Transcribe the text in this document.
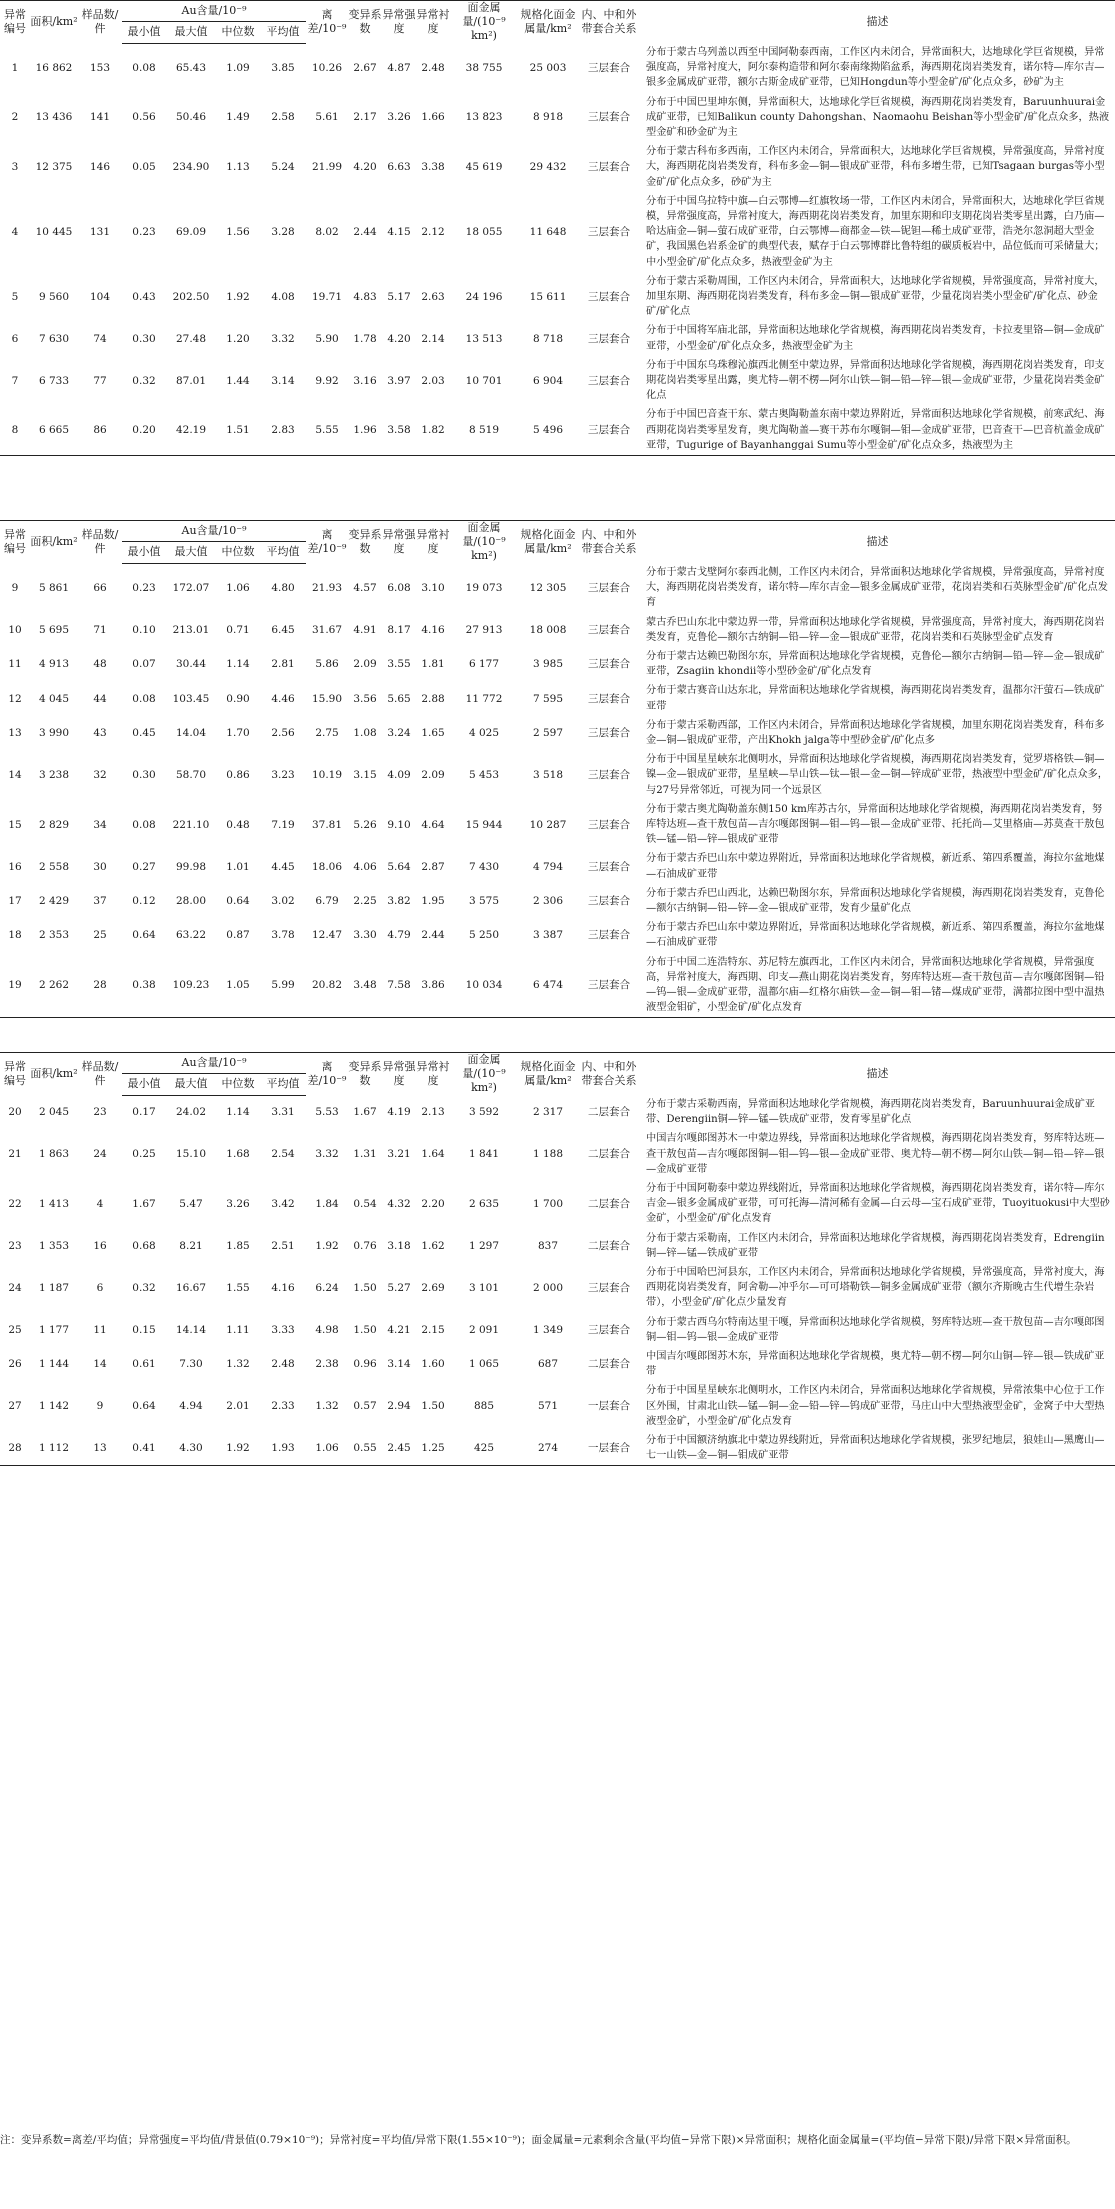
异常编号	面积/km²	样品数/件	Au含量/10⁻⁹				离差/10⁻⁹	变异系数	异常强度	异常衬度	面金属量/(10⁻⁹ km²)	规格化面金属量/km²	内、中和外带套合关系	描述
			最小值	最大值	中位数	平均值								
1	16 862	153	0.08	65.43	1.09	3.85	10.26	2.67	4.87	2.48	38 755	25 003	三层套合	分布于蒙古乌列盖以西至中国阿勒泰西南，工作区内未闭合，异常面积大，达地球化学巨省规模，异常强度高，异常衬度大，阿尔泰构造带和阿尔泰南缘拗陷盆系，海西期花岗岩类发育，诺尔特—库尔吉—银多金属成矿亚带，额尔古斯金成矿亚带，已知Hongdun等小型金矿/矿化点众多，砂矿为主
2	13 436	141	0.56	50.46	1.49	2.58	5.61	2.17	3.26	1.66	13 823	8 918	三层套合	分布于中国巴里坤东侧，异常面积大，达地球化学巨省规模，海西期花岗岩类发育，Baruunhuurai金成矿亚带，已知Balikun county Dahongshan、Naomaohu Beishan等小型金矿/矿化点众多，热液型金矿和砂金矿为主
3	12 375	146	0.05	234.90	1.13	5.24	21.99	4.20	6.63	3.38	45 619	29 432	三层套合	分布于蒙古科布多西南，工作区内未闭合，异常面积大，达地球化学巨省规模，异常强度高，异常衬度大，海西期花岗岩类发育，科布多金—铜—银成矿亚带，科布多增生带，已知Tsagaan burgas等小型金矿/矿化点众多，砂矿为主
4	10 445	131	0.23	69.09	1.56	3.28	8.02	2.44	4.15	2.12	18 055	11 648	三层套合	分布于中国乌拉特中旗—白云鄂博—红旗牧场一带，工作区内未闭合，异常面积大，达地球化学巨省规模，异常强度高，异常衬度大，海西期花岗岩类发育，加里东期和印支期花岗岩类零星出露，白乃庙—哈达庙金—铜—萤石成矿亚带，白云鄂博—商都金—铁—铌钽—稀土成矿亚带，浩尧尔忽洞超大型金矿，我国黑色岩系金矿的典型代表，赋存于白云鄂博群比鲁特组的碳质板岩中，品位低而可采储量大；中小型金矿/矿化点众多，热液型金矿为主
5	9 560	104	0.43	202.50	1.92	4.08	19.71	4.83	5.17	2.63	24 196	15 611	三层套合	分布于蒙古采勒周围，工作区内未闭合，异常面积大，达地球化学省规模，异常强度高，异常衬度大，加里东期、海西期花岗岩类发育，科布多金—铜—银成矿亚带，少量花岗岩类小型金矿/矿化点、砂金矿/矿化点
6	7 630	74	0.30	27.48	1.20	3.32	5.90	1.78	4.20	2.14	13 513	8 718	三层套合	分布于中国将军庙北部，异常面积达地球化学省规模，海西期花岗岩类发育，卡拉麦里铬—铜—金成矿亚带，小型金矿/矿化点众多，热液型金矿为主
7	6 733	77	0.32	87.01	1.44	3.14	9.92	3.16	3.97	2.03	10 701	6 904	三层套合	分布于中国东乌珠穆沁旗西北侧至中蒙边界，异常面积达地球化学省规模，海西期花岗岩类发育，印支期花岗岩类零星出露，奥尤特—朝不楞—阿尔山铁—铜—铅—锌—银—金成矿亚带，少量花岗岩类金矿化点
8	6 665	86	0.20	42.19	1.51	2.83	5.55	1.96	3.58	1.82	8 519	5 496	三层套合	分布于中国巴音查干东、蒙古奥陶勒盖东南中蒙边界附近，异常面积达地球化学省规模，前寒武纪、海西期花岗岩类零星发育，奥尤陶勒盖—赛干苏布尔嘎铜—钼—金成矿亚带，巴音查干—巴音杭盖金成矿亚带，Tugurige of Bayanhanggai Sumu等小型金矿/矿化点众多，热液型为主
异常编号	面积/km²	样品数/件	Au含量/10⁻⁹				离差/10⁻⁹	变异系数	异常强度	异常衬度	面金属量/(10⁻⁹ km²)	规格化面金属量/km²	内、中和外带套合关系	描述
			最小值	最大值	中位数	平均值								
9	5 861	66	0.23	172.07	1.06	4.80	21.93	4.57	6.08	3.10	19 073	12 305	三层套合	分布于蒙古戈壁阿尔泰西北侧，工作区内未闭合，异常面积达地球化学省规模，异常强度高，异常衬度大，海西期花岗岩类发育，诺尔特—库尔吉金—银多金属成矿亚带，花岗岩类和石英脉型金矿/矿化点发育
10	5 695	71	0.10	213.01	0.71	6.45	31.67	4.91	8.17	4.16	27 913	18 008	三层套合	蒙古乔巴山东北中蒙边界一带，异常面积达地球化学省规模，异常强度高，异常衬度大，海西期花岗岩类发育，克鲁伦—额尔古纳铜—铅—锌—金—银成矿亚带，花岗岩类和石英脉型金矿点发育
11	4 913	48	0.07	30.44	1.14	2.81	5.86	2.09	3.55	1.81	6 177	3 985	三层套合	分布于蒙古达赖巴勒图尔东，异常面积达地球化学省规模，克鲁伦—额尔古纳铜—铅—锌—金—银成矿亚带，Zsagiin khondii等小型砂金矿/矿化点发育
12	4 045	44	0.08	103.45	0.90	4.46	15.90	3.56	5.65	2.88	11 772	7 595	三层套合	分布于蒙古赛音山达东北，异常面积达地球化学省规模，海西期花岗岩类发育，温都尔汗萤石—铁成矿亚带
13	3 990	43	0.45	14.04	1.70	2.56	2.75	1.08	3.24	1.65	4 025	2 597	三层套合	分布于蒙古采勒西部，工作区内未闭合，异常面积达地球化学省规模，加里东期花岗岩类发育，科布多金—铜—银成矿亚带，产出Khokh jalga等中型砂金矿/矿化点多
14	3 238	32	0.30	58.70	0.86	3.23	10.19	3.15	4.09	2.09	5 453	3 518	三层套合	分布于中国星星峡东北侧明水，异常面积达地球化学省规模，海西期花岗岩类发育，觉罗塔格铁—铜—镍—金—银成矿亚带，星星峡—旱山铁—钛—银—金—铜—锌成矿亚带，热液型中型金矿/矿化点众多，与27号异常邻近，可视为同一个远景区
15	2 829	34	0.08	221.10	0.48	7.19	37.81	5.26	9.10	4.64	15 944	10 287	三层套合	分布于蒙古奥尤陶勒盖东侧150 km库苏古尔，异常面积达地球化学省规模，海西期花岗岩类发育，努库特达班—查干敖包苗—吉尔嘎郎图铜—钼—钨—银—金成矿亚带、托托尚—艾里格庙—苏莫查干敖包铁—锰—铅—锌—银成矿亚带
16	2 558	30	0.27	99.98	1.01	4.45	18.06	4.06	5.64	2.87	7 430	4 794	三层套合	分布于蒙古乔巴山东中蒙边界附近，异常面积达地球化学省规模，新近系、第四系覆盖，海拉尔盆地煤—石油成矿亚带
17	2 429	37	0.12	28.00	0.64	3.02	6.79	2.25	3.82	1.95	3 575	2 306	三层套合	分布于蒙古乔巴山西北，达赖巴勒图尔东，异常面积达地球化学省规模，海西期花岗岩类发育，克鲁伦—额尔古纳铜—铅—锌—金—银成矿亚带，发育少量矿化点
18	2 353	25	0.64	63.22	0.87	3.78	12.47	3.30	4.79	2.44	5 250	3 387	三层套合	分布于蒙古乔巴山东中蒙边界附近，异常面积达地球化学省规模，新近系、第四系覆盖，海拉尔盆地煤—石油成矿亚带
19	2 262	28	0.38	109.23	1.05	5.99	20.82	3.48	7.58	3.86	10 034	6 474	三层套合	分布于中国二连浩特东、苏尼特左旗西北，工作区内未闭合，异常面积达地球化学省规模，异常强度高，异常衬度大，海西期、印支—燕山期花岗岩类发育，努库特达班—查干敖包苗—吉尔嘎郎图铜—铅—钨—银—金成矿亚带，温都尔庙—红格尔庙铁—金—铜—钼—锗—煤成矿亚带，满都拉图中型中温热液型金钼矿，小型金矿/矿化点发育
异常编号	面积/km²	样品数/件	Au含量/10⁻⁹				离差/10⁻⁹	变异系数	异常强度	异常衬度	面金属量/(10⁻⁹ km²)	规格化面金属量/km²	内、中和外带套合关系	描述
			最小值	最大值	中位数	平均值								
20	2 045	23	0.17	24.02	1.14	3.31	5.53	1.67	4.19	2.13	3 592	2 317	二层套合	分布于蒙古采勒西南，异常面积达地球化学省规模，海西期花岗岩类发育，Baruunhuurai金成矿亚带、Derengiin铜—锌—锰—铁成矿亚带，发育零星矿化点
21	1 863	24	0.25	15.10	1.68	2.54	3.32	1.31	3.21	1.64	1 841	1 188	二层套合	中国吉尔嘎郎图苏木一中蒙边界线，异常面积达地球化学省规模，海西期花岗岩类发育，努库特达班—查干敖包苗—吉尔嘎郎图铜—钼—钨—银—金成矿亚带、奥尤特—朝不楞—阿尔山铁—铜—铅—锌—银—金成矿亚带
22	1 413	4	1.67	5.47	3.26	3.42	1.84	0.54	4.32	2.20	2 635	1 700	二层套合	分布于中国阿勒泰中蒙边界线附近，异常面积达地球化学省规模，海西期花岗岩类发育，诺尔特—库尔吉金—银多金属成矿亚带，可可托海—清河稀有金属—白云母—宝石成矿亚带，Tuoyituokusi中大型砂金矿，小型金矿/矿化点发育
23	1 353	16	0.68	8.21	1.85	2.51	1.92	0.76	3.18	1.62	1 297	837	二层套合	分布于蒙古采勒南，工作区内未闭合，异常面积达地球化学省规模，海西期花岗岩类发育，Edrengiin铜—锌—锰—铁成矿亚带
24	1 187	6	0.32	16.67	1.55	4.16	6.24	1.50	5.27	2.69	3 101	2 000	三层套合	分布于中国哈巴河县东，工作区内未闭合，异常面积达地球化学省规模，异常强度高，异常衬度大，海西期花岗岩类发育，阿舍勒—冲乎尔—可可塔勒铁—铜多金属成矿亚带（额尔齐斯晚古生代增生杂岩带），小型金矿/矿化点少量发育
25	1 177	11	0.15	14.14	1.11	3.33	4.98	1.50	4.21	2.15	2 091	1 349	三层套合	分布于蒙古西乌尔特南达里干嘎，异常面积达地球化学省规模，努库特达班—查干敖包苗—吉尔嘎郎图铜—钼—钨—银—金成矿亚带
26	1 144	14	0.61	7.30	1.32	2.48	2.38	0.96	3.14	1.60	1 065	687	二层套合	中国吉尔嘎郎图苏木东，异常面积达地球化学省规模，奥尤特—朝不楞—阿尔山铜—锌—银—铁成矿亚带
27	1 142	9	0.64	4.94	2.01	2.33	1.32	0.57	2.94	1.50	885	571	一层套合	分布于中国星星峡东北侧明水，工作区内未闭合，异常面积达地球化学省规模，异常浓集中心位于工作区外围，甘肃北山铁—锰—铜—金—铅—锌—钨成矿亚带，马庄山中大型热液型金矿，金窝子中大型热液型金矿，小型金矿/矿化点发育
28	1 112	13	0.41	4.30	1.92	1.93	1.06	0.55	2.45	1.25	425	274	一层套合	分布于中国额济纳旗北中蒙边界线附近，异常面积达地球化学省规模，张罗纪地层，狼娃山—黑鹰山—七一山铁—金—铜—钼成矿亚带
注：变异系数=离差/平均值；异常强度=平均值/背景值(0.79×10⁻⁹)；异常衬度=平均值/异常下限(1.55×10⁻⁹)；面金属量=元素剩余含量(平均值−异常下限)×异常面积；规格化面金属量=(平均值−异常下限)/异常下限×异常面积。
